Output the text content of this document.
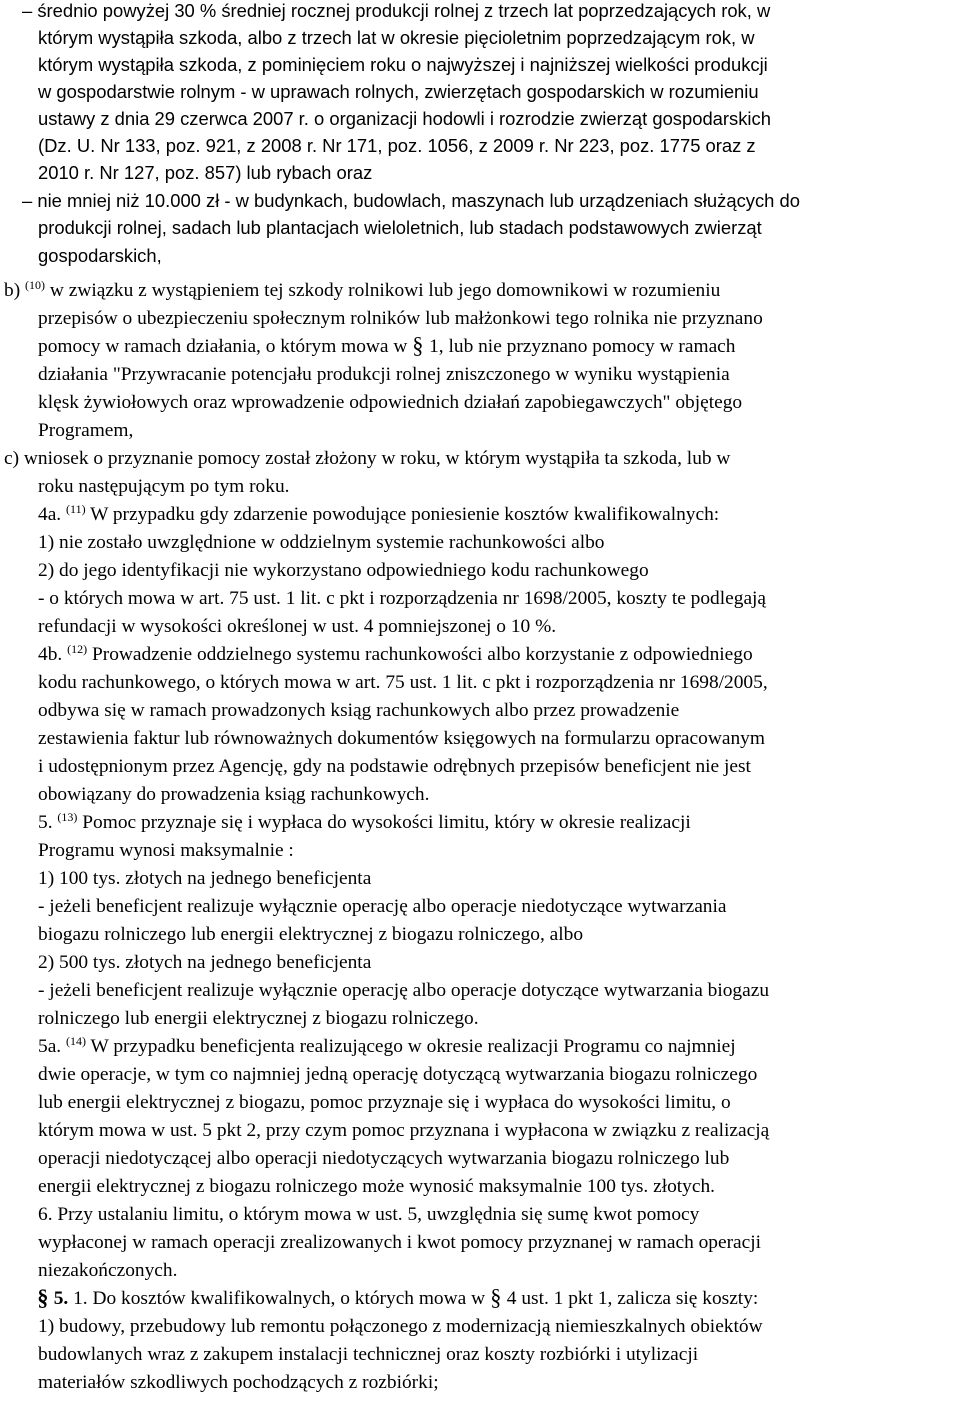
– średnio powyżej 30 % średniej rocznej produkcji rolnej z trzech lat poprzedzających rok, w
którym wystąpiła szkoda, albo z trzech lat w okresie pięcioletnim poprzedzającym rok, w
którym wystąpiła szkoda, z pominięciem roku o najwyższej i najniższej wielkości produkcji
w gospodarstwie rolnym - w uprawach rolnych, zwierzętach gospodarskich w rozumieniu
ustawy z dnia 29 czerwca 2007 r. o organizacji hodowli i rozrodzie zwierząt gospodarskich
(Dz. U. Nr 133, poz. 921, z 2008 r. Nr 171, poz. 1056, z 2009 r. Nr 223, poz. 1775 oraz z
2010 r. Nr 127, poz. 857) lub rybach oraz
– nie mniej niż 10.000 zł - w budynkach, budowlach, maszynach lub urządzeniach służących do
produkcji rolnej, sadach lub plantacjach wieloletnich, lub stadach podstawowych zwierząt
gospodarskich,
b) $^{(10)}$ w związku z wystąpieniem tej szkody rolnikowi lub jego domownikowi w rozumieniu
przepisów o ubezpieczeniu społecznym rolników lub małżonkowi tego rolnika nie przyznano
pomocy w ramach działania, o którym mowa w § 1, lub nie przyznano pomocy w ramach
działania "Przywracanie potencjału produkcji rolnej zniszczonego w wyniku wystąpienia
klęsk żywiołowych oraz wprowadzenie odpowiednich działań zapobiegawczych" objętego
Programem,
c) wniosek o przyznanie pomocy został złożony w roku, w którym wystąpiła ta szkoda, lub w
roku następującym po tym roku.
4a. $^{(11)}$ W przypadku gdy zdarzenie powodujące poniesienie kosztów kwalifikowalnych:
1) nie zostało uwzględnione w oddzielnym systemie rachunkowości albo
2) do jego identyfikacji nie wykorzystano odpowiedniego kodu rachunkowego
- o których mowa w art. 75 ust. 1 lit. c pkt i rozporządzenia nr 1698/2005, koszty te podlegają
refundacji w wysokości określonej w ust. 4 pomniejszonej o 10 %.
4b. $^{(12)}$ Prowadzenie oddzielnego systemu rachunkowości albo korzystanie z odpowiedniego
kodu rachunkowego, o których mowa w art. 75 ust. 1 lit. c pkt i rozporządzenia nr 1698/2005,
odbywa się w ramach prowadzonych ksiąg rachunkowych albo przez prowadzenie
zestawienia faktur lub równoważnych dokumentów księgowych na formularzu opracowanym
i udostępnionym przez Agencję, gdy na podstawie odrębnych przepisów beneficjent nie jest
obowiązany do prowadzenia ksiąg rachunkowych.
5. $^{(13)}$ Pomoc przyznaje się i wypłaca do wysokości limitu, który w okresie realizacji
Programu wynosi maksymalnie :
1) 100 tys. złotych na jednego beneficjenta
- jeżeli beneficjent realizuje wyłącznie operację albo operacje niedotyczące wytwarzania
biogazu rolniczego lub energii elektrycznej z biogazu rolniczego, albo
2) 500 tys. złotych na jednego beneficjenta
- jeżeli beneficjent realizuje wyłącznie operację albo operacje dotyczące wytwarzania biogazu
rolniczego lub energii elektrycznej z biogazu rolniczego.
5a. $^{(14)}$ W przypadku beneficjenta realizującego w okresie realizacji Programu co najmniej
dwie operacje, w tym co najmniej jedną operację dotyczącą wytwarzania biogazu rolniczego
lub energii elektrycznej z biogazu, pomoc przyznaje się i wypłaca do wysokości limitu, o
którym mowa w ust. 5 pkt 2, przy czym pomoc przyznana i wypłacona w związku z realizacją
operacji niedotyczącej albo operacji niedotyczących wytwarzania biogazu rolniczego lub
energii elektrycznej z biogazu rolniczego może wynosić maksymalnie 100 tys. złotych.
6. Przy ustalaniu limitu, o którym mowa w ust. 5, uwzględnia się sumę kwot pomocy
wypłaconej w ramach operacji zrealizowanych i kwot pomocy przyznanej w ramach operacji
niezakończonych.
§ 5. 1. Do kosztów kwalifikowalnych, o których mowa w § 4 ust. 1 pkt 1, zalicza się koszty:
1) budowy, przebudowy lub remontu połączonego z modernizacją niemieszkalnych obiektów
budowlanych wraz z zakupem instalacji technicznej oraz koszty rozbiórki i utylizacji
materiałów szkodliwych pochodzących z rozbiórki;
